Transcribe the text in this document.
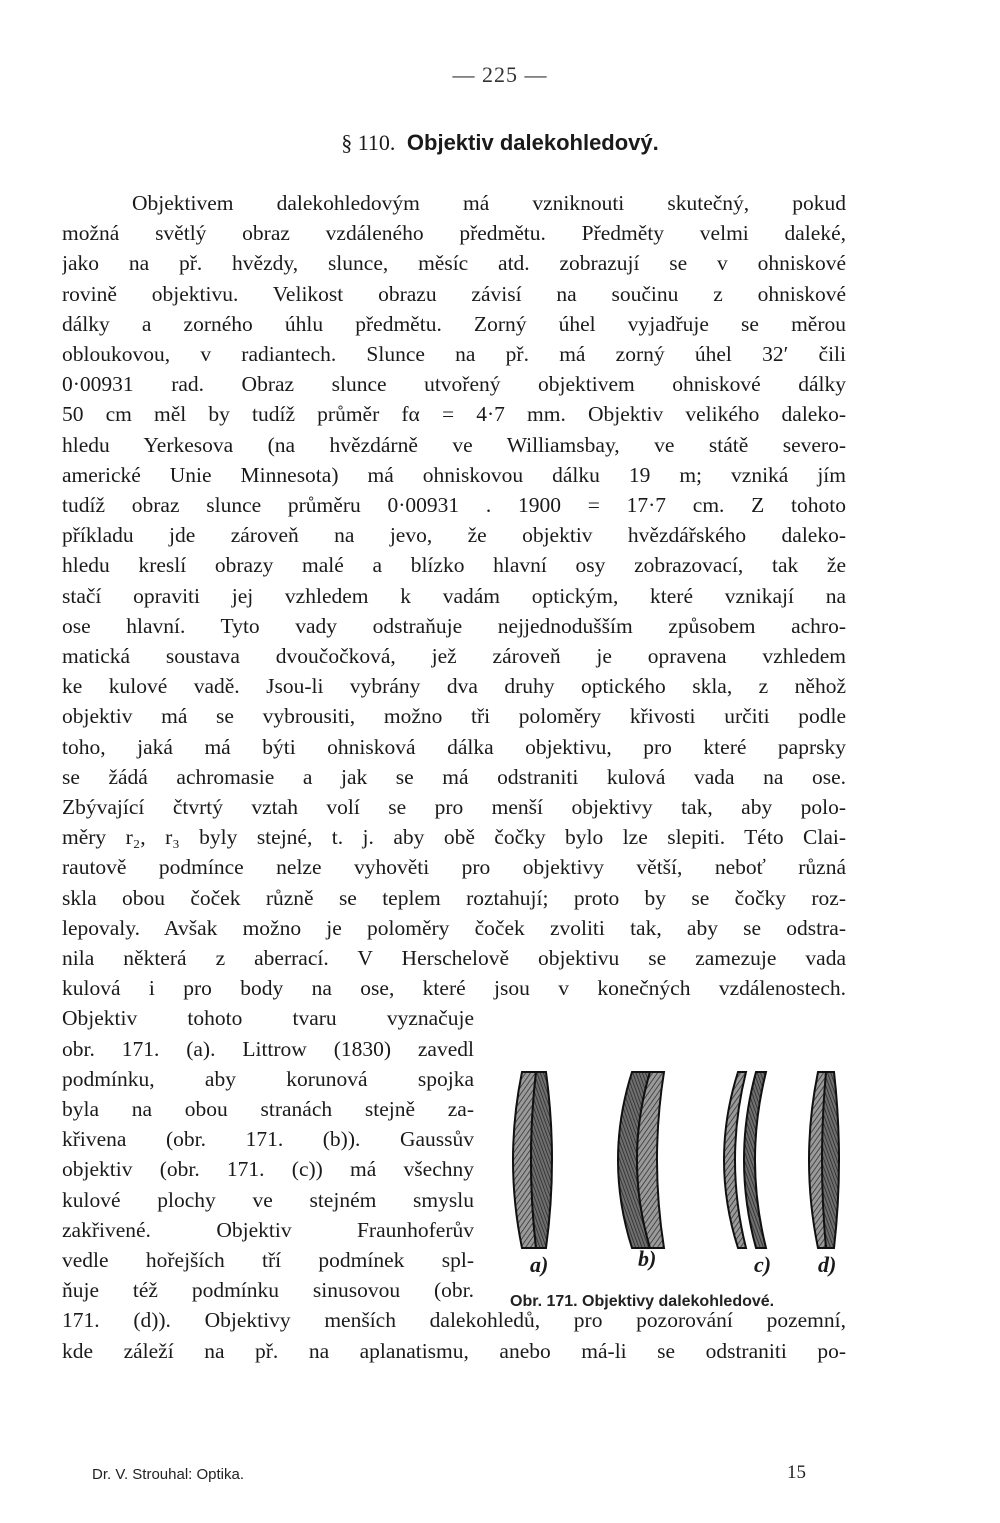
— 225 —
§ 110. Objektiv dalekohledový.
Objektivem dalekohledovým má vzniknouti skutečný, pokud
možná světlý obraz vzdáleného předmětu. Předměty velmi daleké,
jako na př. hvězdy, slunce, měsíc atd. zobrazují se v ohniskové
rovině objektivu. Velikost obrazu závisí na součinu z ohniskové
dálky a zorného úhlu předmětu. Zorný úhel vyjadřuje se měrou
obloukovou, v radiantech. Slunce na př. má zorný úhel 32′ čili
0·00931 rad. Obraz slunce utvořený objektivem ohniskové dálky
50 cm měl by tudíž průměr fα = 4·7 mm. Objektiv velikého daleko-
hledu Yerkesova (na hvězdárně ve Williamsbay, ve státě severo-
americké Unie Minnesota) má ohniskovou dálku 19 m; vzniká jím
tudíž obraz slunce průměru 0·00931 . 1900 = 17·7 cm. Z tohoto
příkladu jde zároveň na jevo, že objektiv hvězdářského daleko-
hledu kreslí obrazy malé a blízko hlavní osy zobrazovací, tak že
stačí opraviti jej vzhledem k vadám optickým, které vznikají na
ose hlavní. Tyto vady odstraňuje nejjednodušším způsobem achro-
matická soustava dvoučočková, jež zároveň je opravena vzhledem
ke kulové vadě. Jsou-li vybrány dva druhy optického skla, z něhož
objektiv má se vybrousiti, možno tři poloměry křivosti určiti podle
toho, jaká má býti ohnisková dálka objektivu, pro které paprsky
se žádá achromasie a jak se má odstraniti kulová vada na ose.
Zbývající čtvrtý vztah volí se pro menší objektivy tak, aby polo-
měry r₂, r₃ byly stejné, t. j. aby obě čočky bylo lze slepiti. Této Clai-
rautově podmínce nelze vyhověti pro objektivy větší, neboť různá
skla obou čoček různě se teplem roztahují; proto by se čočky roz-
lepovaly. Avšak možno je poloměry čoček zvoliti tak, aby se odstra-
nila některá z aberrací. V Herschelově objektivu se zamezuje vada
kulová i pro body na ose, které jsou v konečných vzdálenostech.
Objektiv tohoto tvaru vyznačuje
obr. 171. (a). Littrow (1830) zavedl
podmínku, aby korunová spojka
byla na obou stranách stejně za-
křivena (obr. 171. (b)). Gaussův
objektiv (obr. 171. (c)) má všechny
kulové plochy ve stejném smyslu
zakřivené. Objektiv Fraunhoferův
vedle hořejších tří podmínek spl-
ňuje též podmínku sinusovou (obr.
171. (d)). Objektivy menších dalekohledů, pro pozorování pozemní,
kde záleží na př. na aplanatismu, anebo má-li se odstraniti po-
a)	b)	c) d)
Obr. 171. Objektivy dalekohledové.
Dr. V. Strouhal: Optika.	15
